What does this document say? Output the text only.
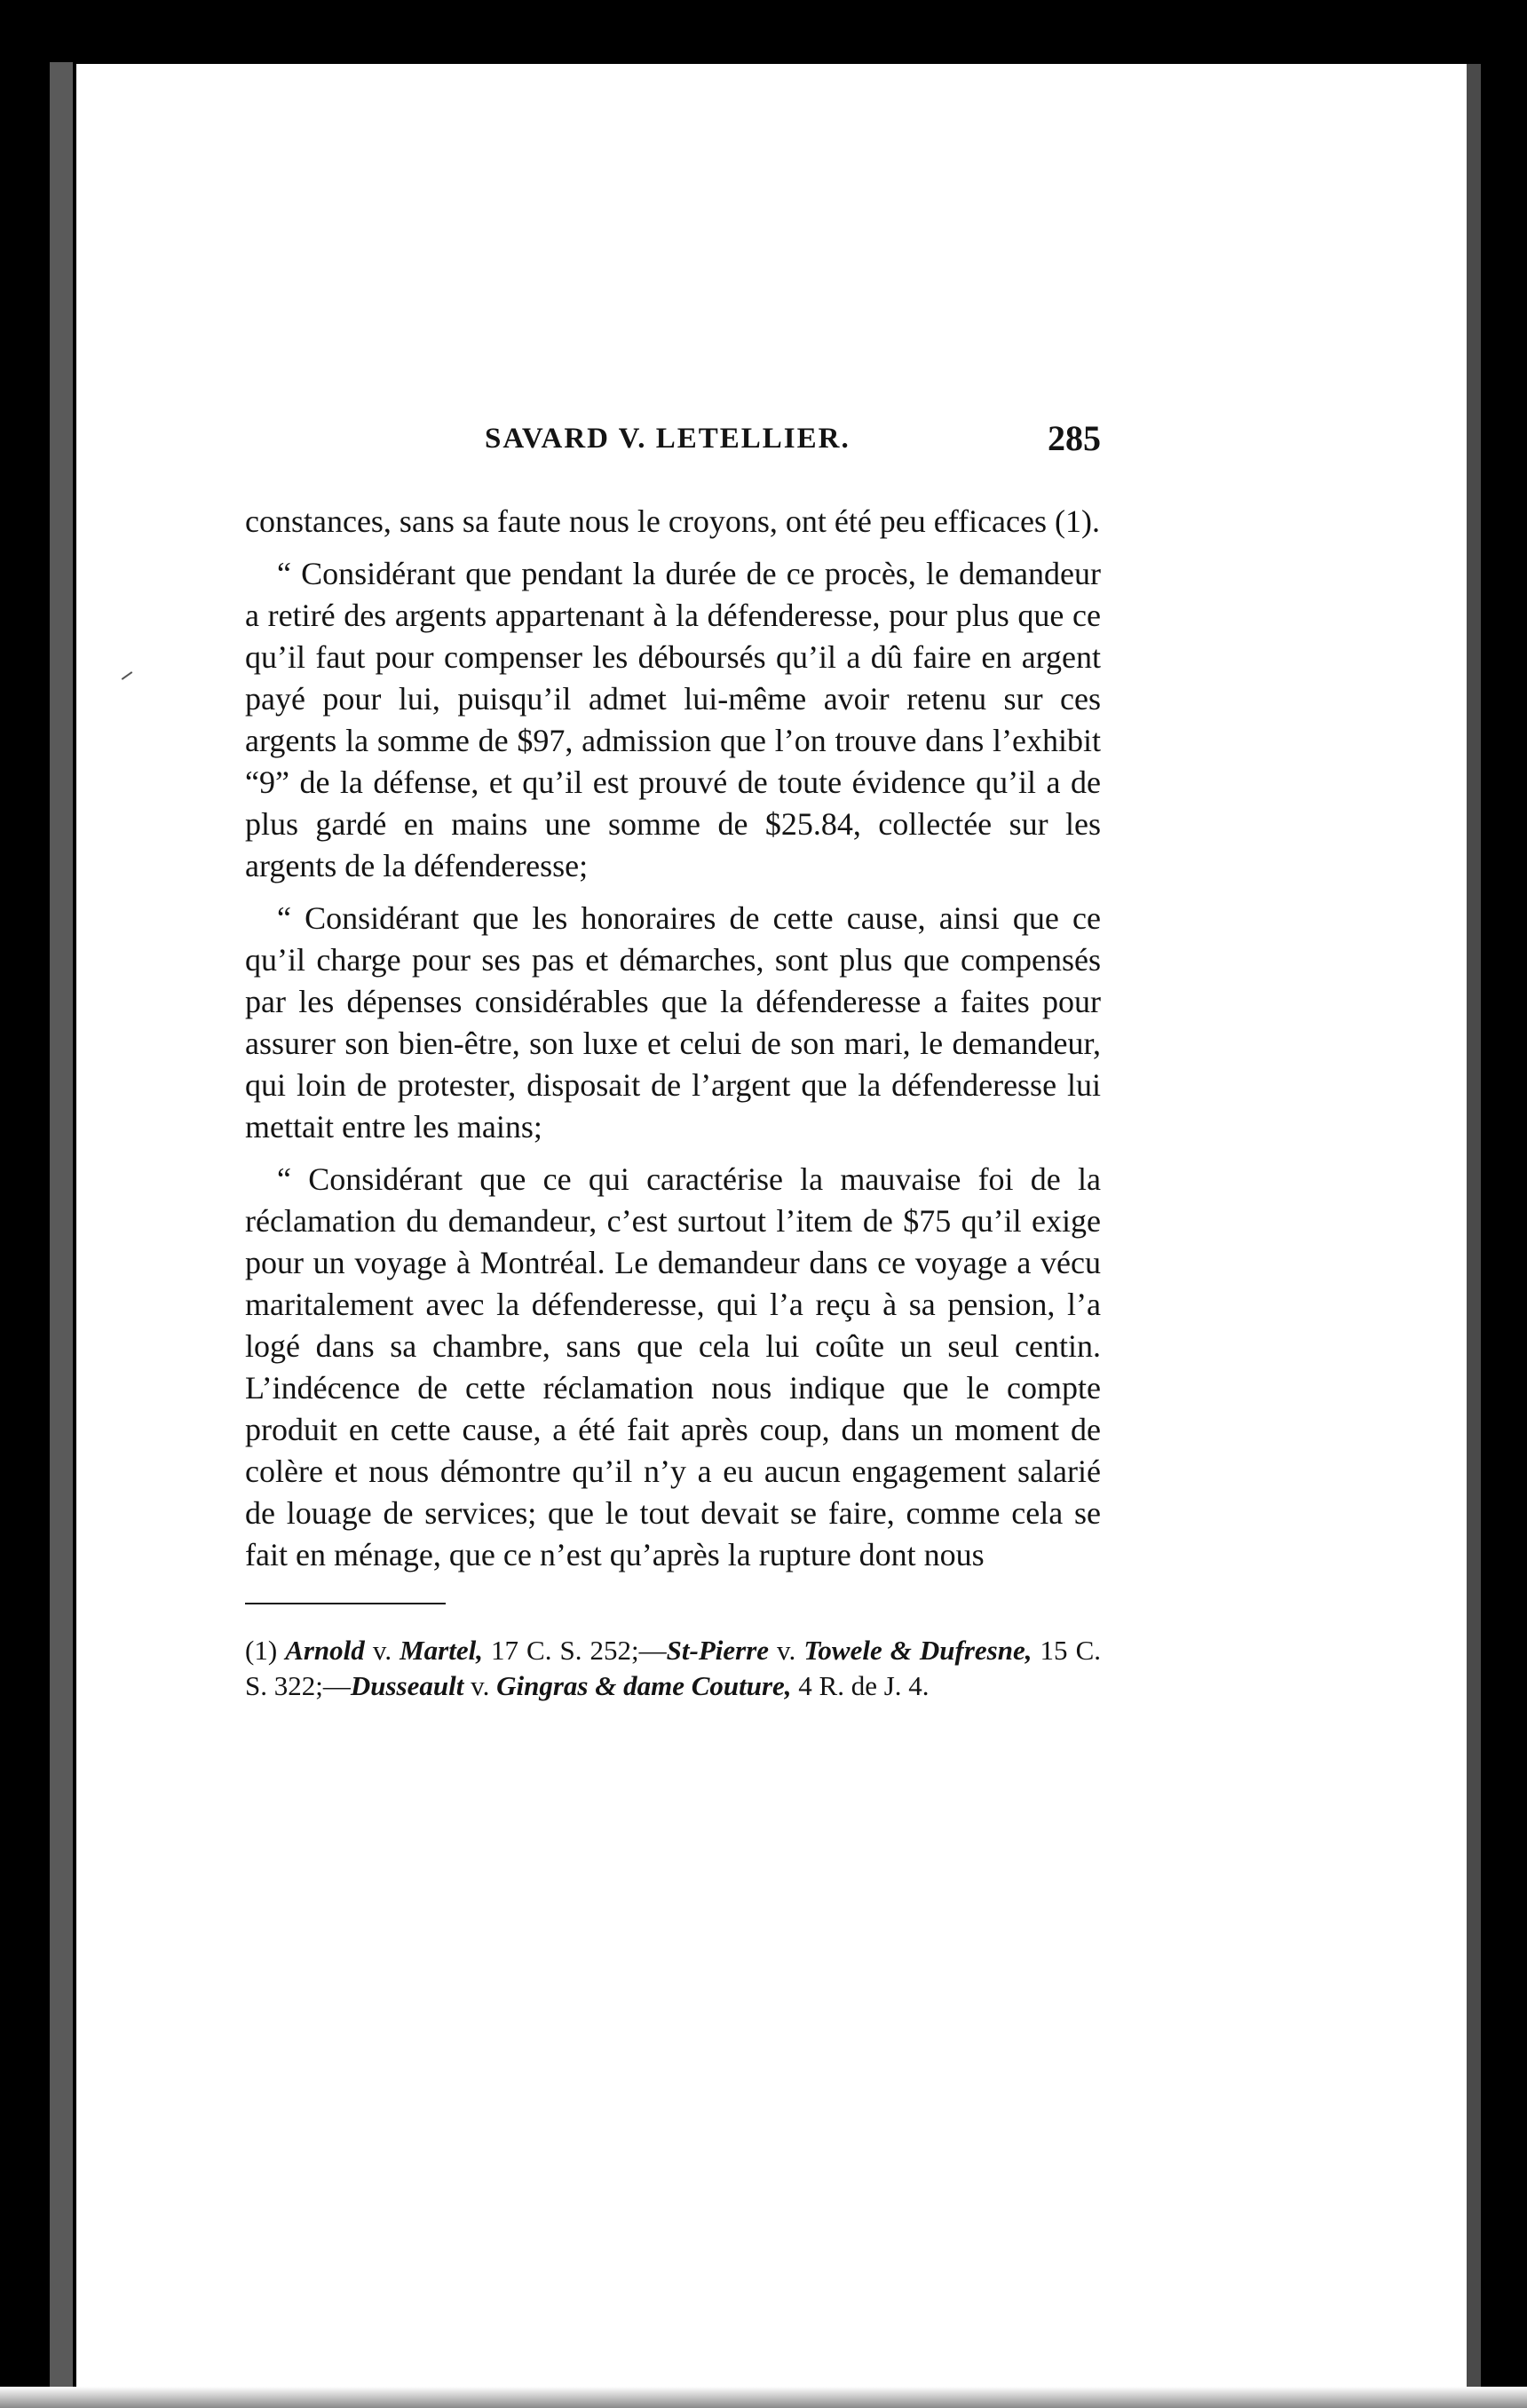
SAVARD V. LETELLIER.	285

constances, sans sa faute nous le croyons, ont été peu efficaces (1).

“ Considérant que pendant la durée de ce procès, le demandeur a retiré des argents appartenant à la défenderesse, pour plus que ce qu’il faut pour compenser les déboursés qu’il a dû faire en argent payé pour lui, puisqu’il admet lui-même avoir retenu sur ces argents la somme de $97, admission que l’on trouve dans l’exhibit “9” de la défense, et qu’il est prouvé de toute évidence qu’il a de plus gardé en mains une somme de $25.84, collectée sur les argents de la défenderesse;

“ Considérant que les honoraires de cette cause, ainsi que ce qu’il charge pour ses pas et démarches, sont plus que compensés par les dépenses considérables que la défenderesse a faites pour assurer son bien-être, son luxe et celui de son mari, le demandeur, qui loin de protester, disposait de l’argent que la défenderesse lui mettait entre les mains;

“ Considérant que ce qui caractérise la mauvaise foi de la réclamation du demandeur, c’est surtout l’item de $75 qu’il exige pour un voyage à Montréal. Le demandeur dans ce voyage a vécu maritalement avec la défenderesse, qui l’a reçu à sa pension, l’a logé dans sa chambre, sans que cela lui coûte un seul centin. L’indécence de cette réclamation nous indique que le compte produit en cette cause, a été fait après coup, dans un moment de colère et nous démontre qu’il n’y a eu aucun engagement salarié de louage de services; que le tout devait se faire, comme cela se fait en ménage, que ce n’est qu’après la rupture dont nous

(1) Arnold v. Martel, 17 C. S. 252;—St-Pierre v. Towele & Dufresne, 15 C. S. 322;—Dusseault v. Gingras & dame Couture, 4 R. de J. 4.
